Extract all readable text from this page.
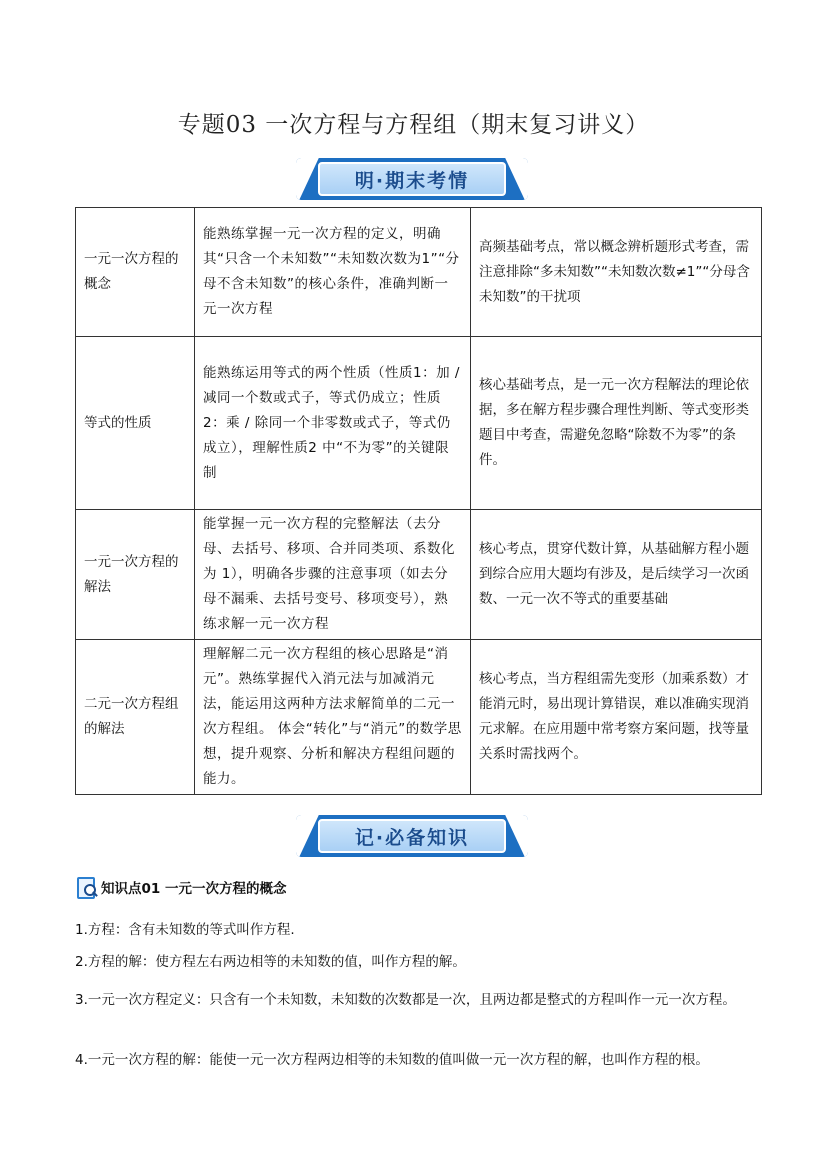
专题03 一次方程与方程组（期末复习讲义）
明·期末考情
一元一次方程的概念	能熟练掌握一元一次方程的定义，明确其“只含一个未知数”“未知数次数为1”“分母不含未知数”的核心条件，准确判断一元一次方程	高频基础考点，常以概念辨析题形式考查，需注意排除“多未知数”“未知数次数≠1”“分母含未知数”的干扰项
等式的性质	能熟练运用等式的两个性质（性质1：加 / 减同一个数或式子，等式仍成立；性质 2：乘 / 除同一个非零数或式子，等式仍成立），理解性质2 中“不为零”的关键限制	核心基础考点，是一元一次方程解法的理论依据，多在解方程步骤合理性判断、等式变形类题目中考查，需避免忽略“除数不为零”的条件。
一元一次方程的解法	能掌握一元一次方程的完整解法（去分母、去括号、移项、合并同类项、系数化为 1），明确各步骤的注意事项（如去分母不漏乘、去括号变号、移项变号），熟练求解一元一次方程	核心考点，贯穿代数计算，从基础解方程小题到综合应用大题均有涉及，是后续学习一次函数、一元一次不等式的重要基础
二元一次方程组的解法	理解解二元一次方程组的核心思路是“消元”。熟练掌握代入消元法与加减消元法，能运用这两种方法求解简单的二元一次方程组。 体会“转化”与“消元”的数学思想，提升观察、分析和解决方程组问题的能力。	核心考点，当方程组需先变形（加乘系数）才能消元时，易出现计算错误，难以准确实现消元求解。在应用题中常考察方案问题，找等量关系时需找两个。
记·必备知识
知识点01 一元一次方程的概念
1.方程：含有未知数的等式叫作方程.
2.方程的解：使方程左右两边相等的未知数的值，叫作方程的解。
3.一元一次方程定义：只含有一个未知数，未知数的次数都是一次，且两边都是整式的方程叫作一元一次方程。
4.一元一次方程的解：能使一元一次方程两边相等的未知数的值叫做一元一次方程的解，也叫作方程的根。
